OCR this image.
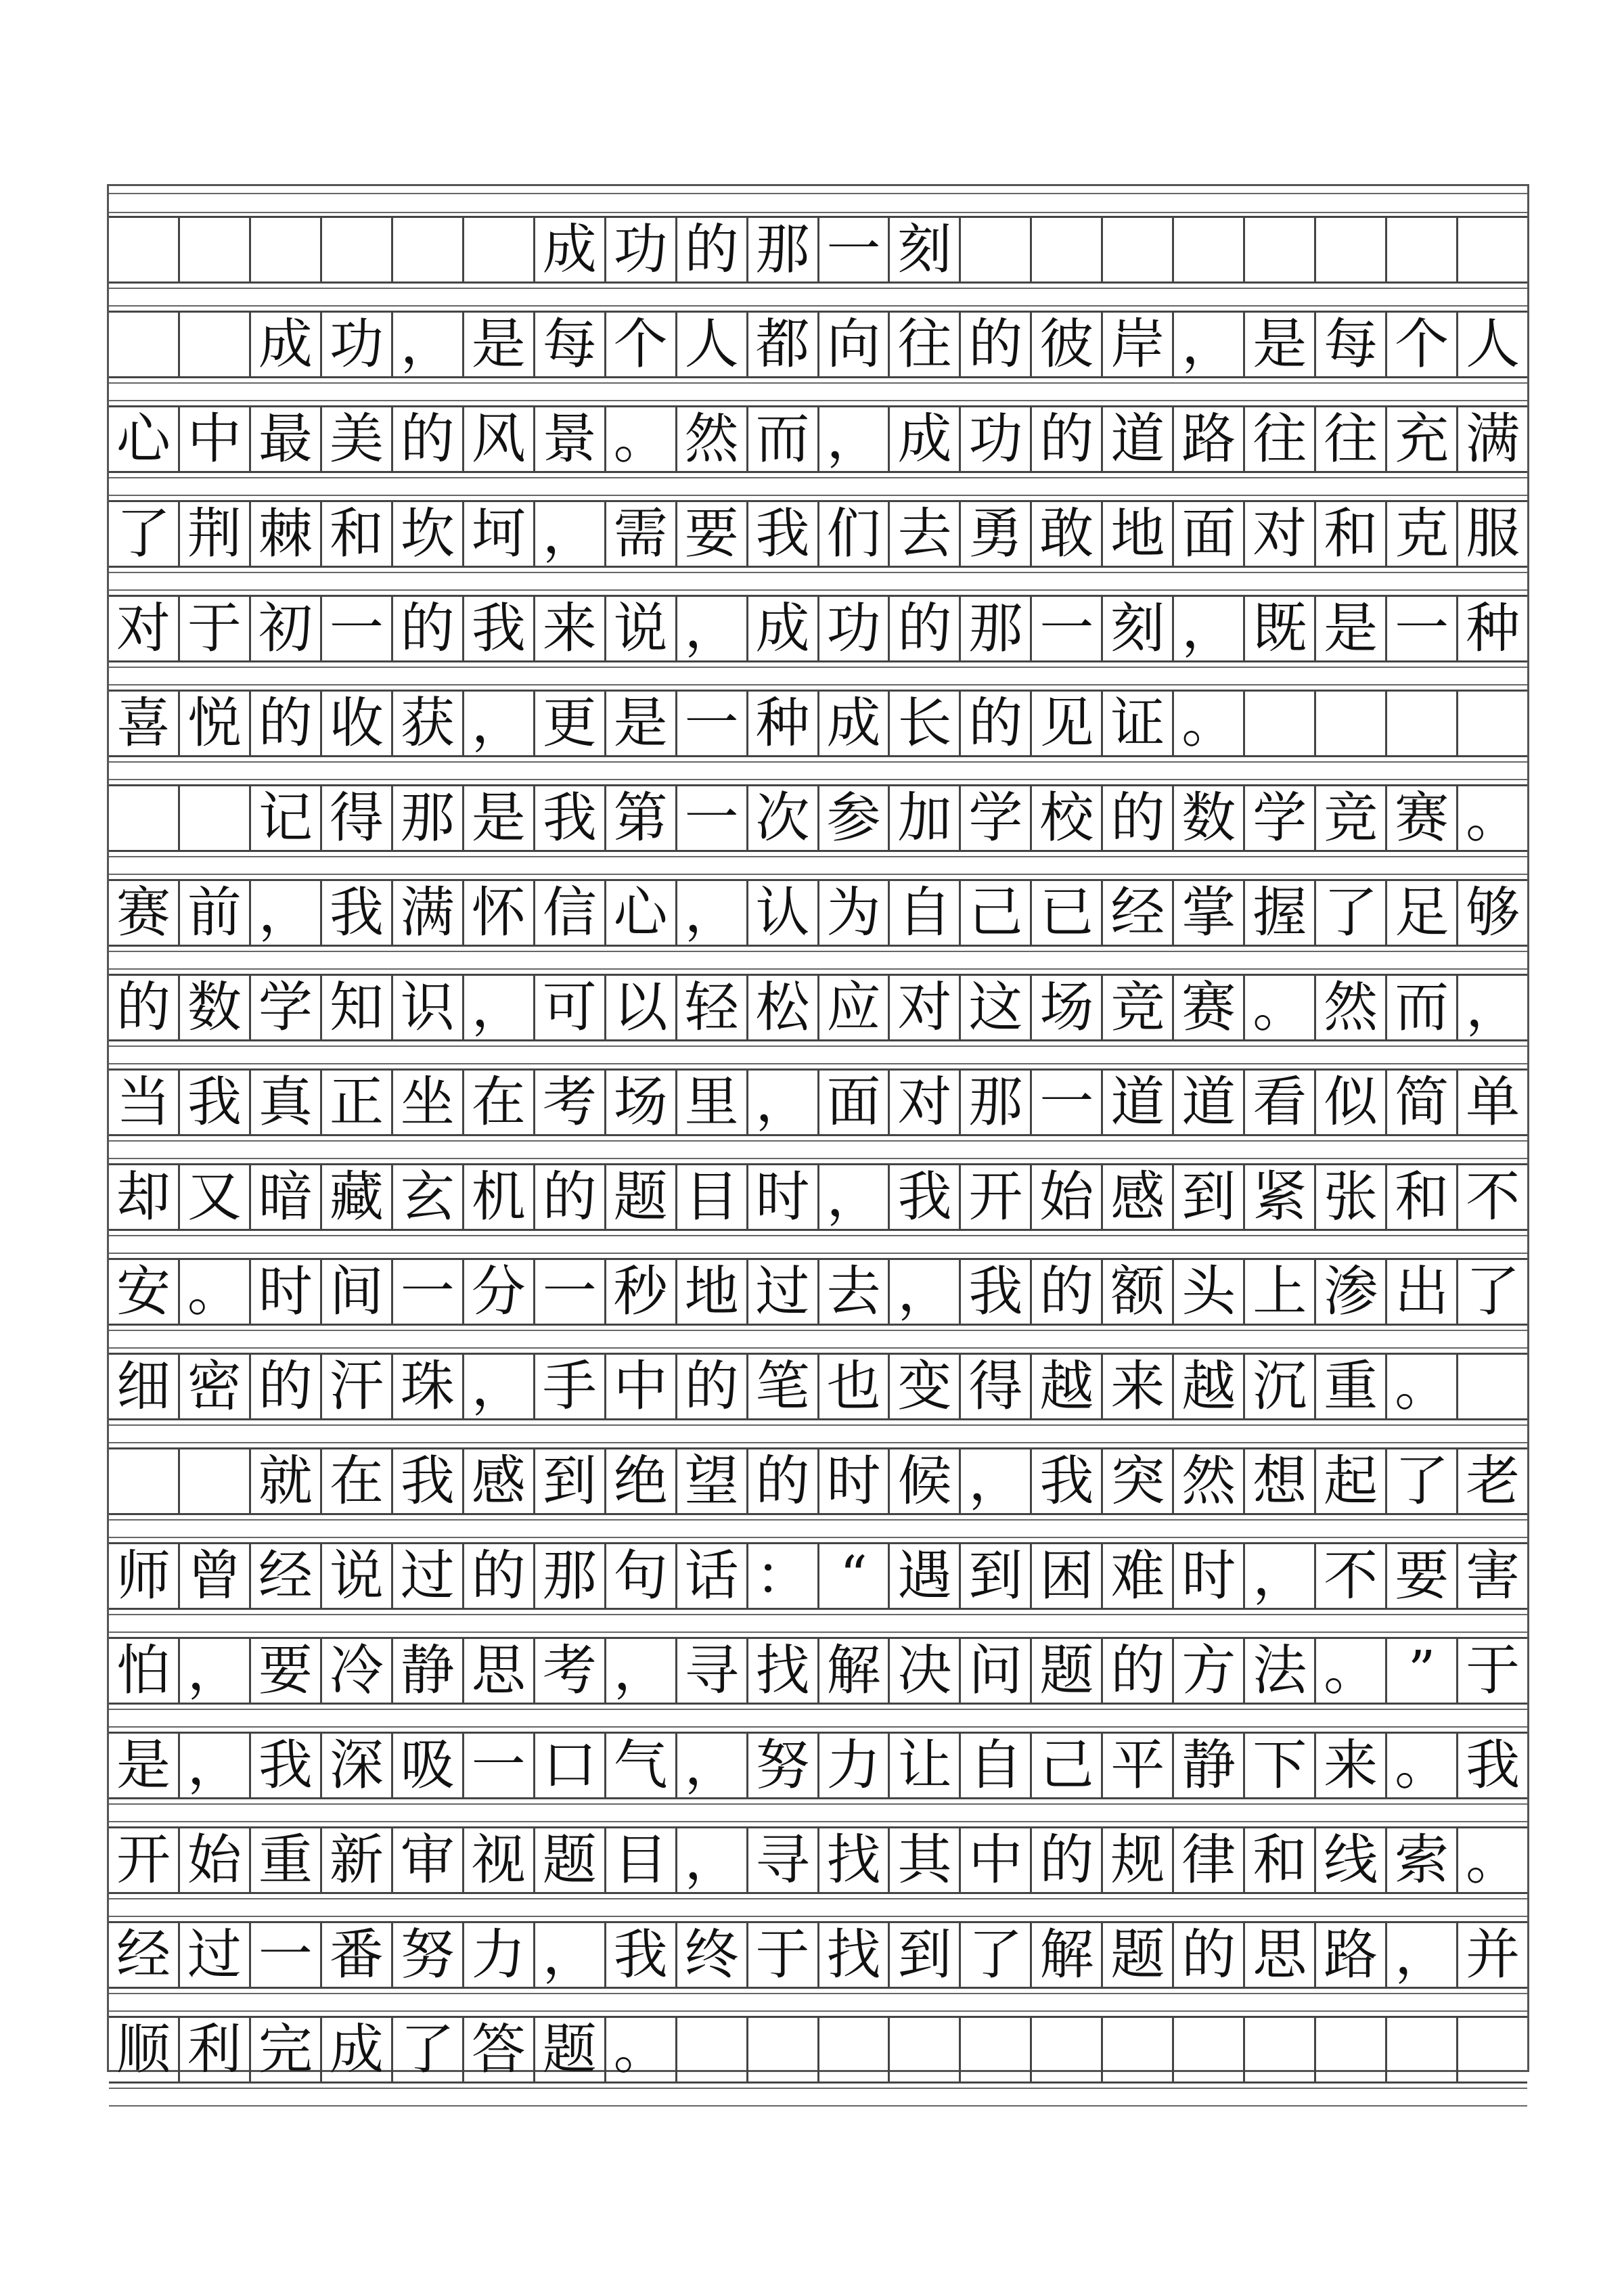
成 功 的 那 一 刻
成 功 ， 是 每 个 人 都 向 往 的 彼 岸 ， 是 每 个 人
心 中 最 美 的 风 景 。 然 而 ， 成 功 的 道 路 往 往 充 满
了 荆 棘 和 坎 坷 ， 需 要 我 们 去 勇 敢 地 面 对 和 克 服
对 于 初 一 的 我 来 说 ， 成 功 的 那 一 刻 ， 既 是 一 种
喜 悦 的 收 获 ， 更 是 一 种 成 长 的 见 证 。
记 得 那 是 我 第 一 次 参 加 学 校 的 数 学 竞 赛 。
赛 前 ， 我 满 怀 信 心 ， 认 为 自 己 已 经 掌 握 了 足 够
的 数 学 知 识 ， 可 以 轻 松 应 对 这 场 竞 赛 。 然 而 ，
当 我 真 正 坐 在 考 场 里 ， 面 对 那 一 道 道 看 似 简 单
却 又 暗 藏 玄 机 的 题 目 时 ， 我 开 始 感 到 紧 张 和 不
安 。 时 间 一 分 一 秒 地 过 去 ， 我 的 额 头 上 渗 出 了
细 密 的 汗 珠 ， 手 中 的 笔 也 变 得 越 来 越 沉 重 。
就 在 我 感 到 绝 望 的 时 候 ， 我 突 然 想 起 了 老
师 曾 经 说 过 的 那 句 话 ： “ 遇 到 困 难 时 ， 不 要 害
怕 ， 要 冷 静 思 考 ， 寻 找 解 决 问 题 的 方 法 。 ” 于
是 ， 我 深 吸 一 口 气 ， 努 力 让 自 己 平 静 下 来 。 我
开 始 重 新 审 视 题 目 ， 寻 找 其 中 的 规 律 和 线 索 。
经 过 一 番 努 力 ， 我 终 于 找 到 了 解 题 的 思 路 ， 并
顺 利 完 成 了 答 题 。
